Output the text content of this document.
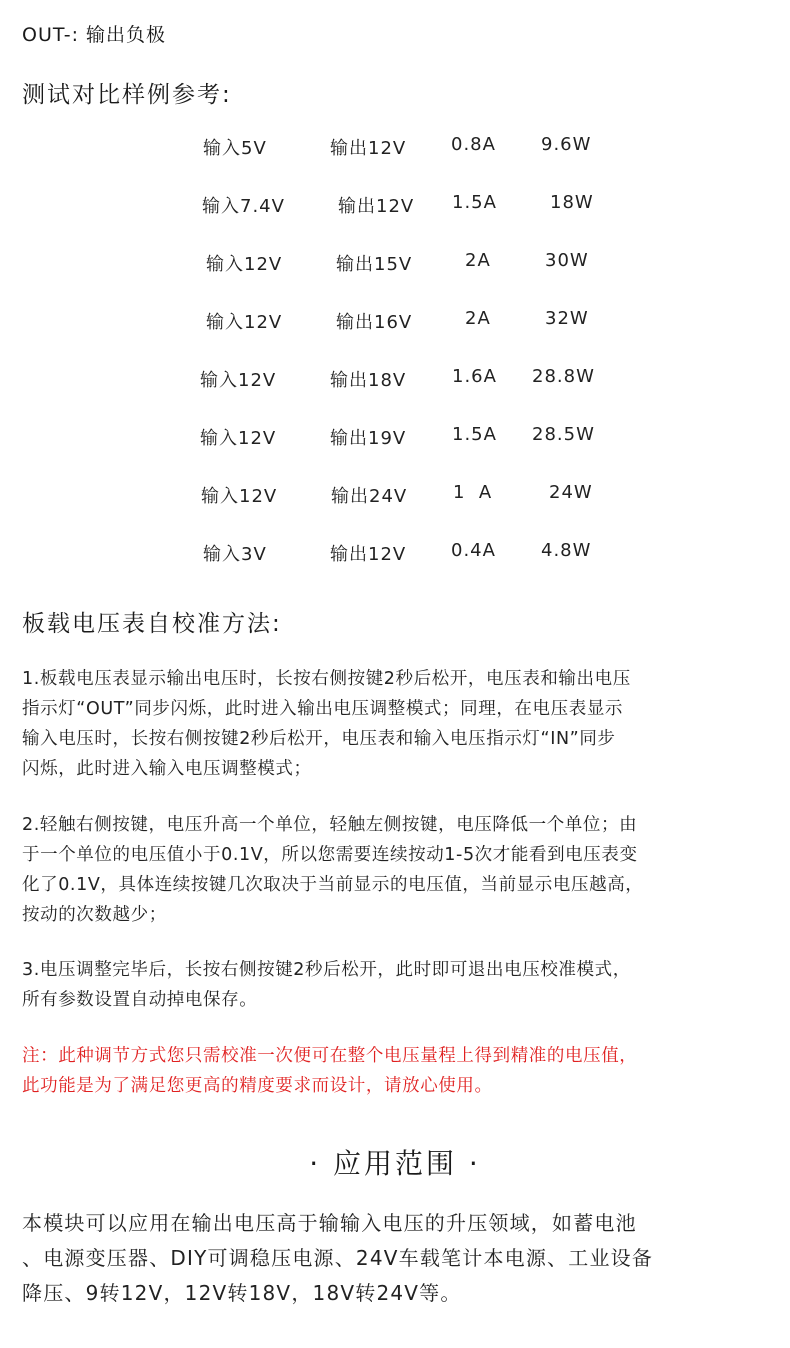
OUT-: 输出负极
测试对比样例参考:
输入5V	输出12V 0.8A	9.6W
输入7.4V	输出12V 1.5A	18W
输入12V	输出15V	2A	30W
输入12V	输出16V	2A	32W
输入12V	输出18V	1.6A 28.8W
输入12V	输出19V	1.5A 28.5W
输入12V	输出24V	1  A	24W
输入3V	输出12V 0.4A	4.8W
板载电压表自校准方法:
1.板载电压表显示输出电压时，长按右侧按键2秒后松开，电压表和输出电压
指示灯“OUT”同步闪烁，此时进入输出电压调整模式；同理，在电压表显示
输入电压时，长按右侧按键2秒后松开，电压表和输入电压指示灯“IN”同步
闪烁，此时进入输入电压调整模式；
2.轻触右侧按键，电压升高一个单位，轻触左侧按键，电压降低一个单位；由
于一个单位的电压值小于0.1V，所以您需要连续按动1-5次才能看到电压表变
化了0.1V，具体连续按键几次取决于当前显示的电压值，当前显示电压越高，
按动的次数越少；
3.电压调整完毕后，长按右侧按键2秒后松开，此时即可退出电压校准模式，
所有参数设置自动掉电保存。
注：此种调节方式您只需校准一次便可在整个电压量程上得到精准的电压值，
此功能是为了满足您更高的精度要求而设计，请放心使用。
· 应用范围 ·
本模块可以应用在输出电压高于输输入电压的升压领域，如蓄电池
、电源变压器、DIY可调稳压电源、24V车载笔计本电源、工业设备
降压、9转12V，12V转18V，18V转24V等。
